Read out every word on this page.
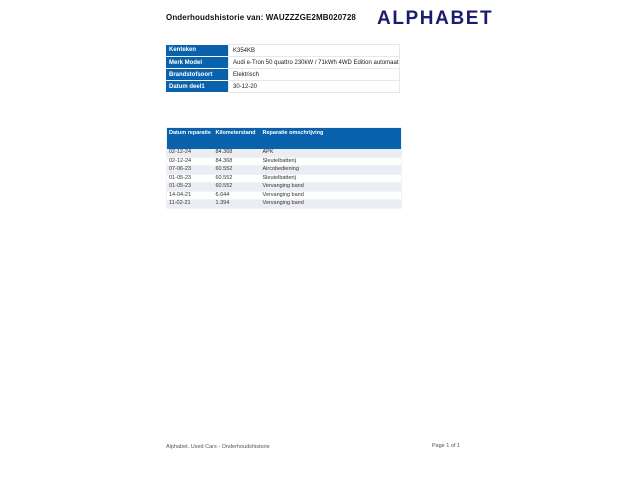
Onderhoudshistorie van: WAUZZZGE2MB020728 ALPHABET
Kenteken	K354KB
Merk Model	Audi e-Tron 50 quattro 230kW / 71kWh 4WD Edition automaat
Brandstofsoort	Elektrisch
Datum deel1	30-12-20
Datum reparatie	Kilometerstand	Reparatie omschrijving
02-12-24	84.368	APK
02-12-24	84.368	Sleutelbatterij
07-06-23	60.552	Aircobediening
01-05-23	60.552	Sleutelbatterij
01-05-23	60.552	Vervanging band
14-04-21	6.644	Vervanging band
11-02-21	1.394	Vervanging band
Alphabet. Used Cars - Onderhoudshistorie	Page 1 of 1
